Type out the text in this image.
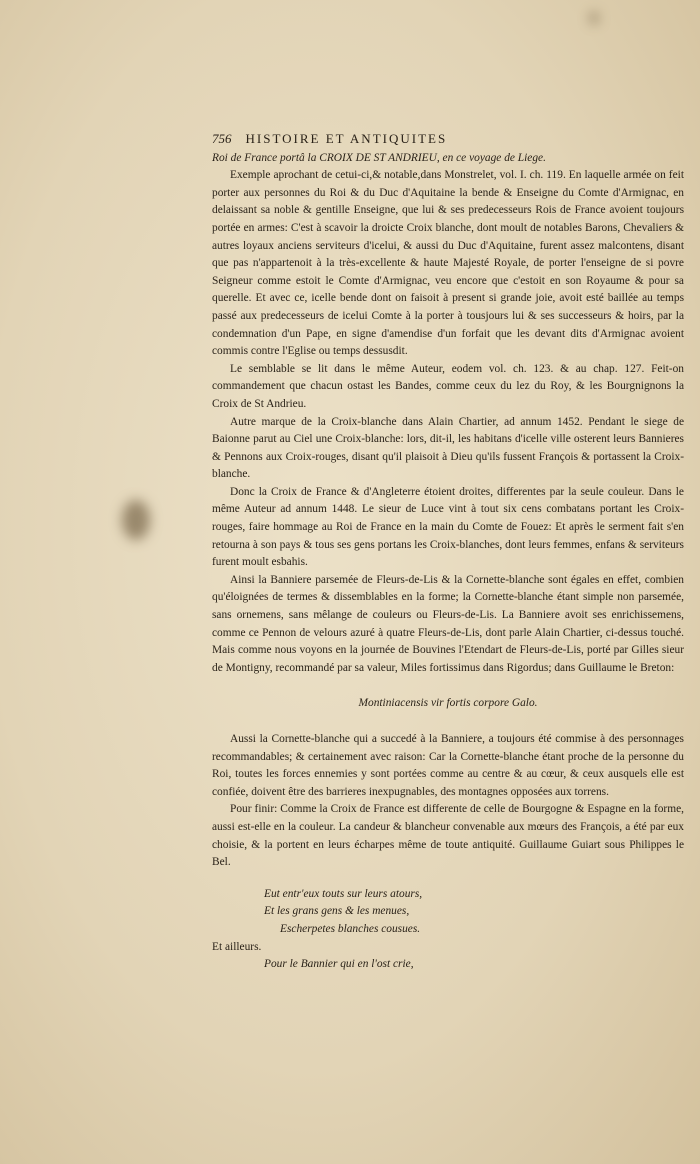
756 HISTOIRE ET ANTIQUITES
Roi de France portâ la CROIX DE ST ANDRIEU, en ce voyage de Liege.

Exemple aprochant de cetui-ci,& notable,dans Monstrelet, vol. I. ch. 119. En laquelle armée on feit porter aux personnes du Roi & du Duc d'Aquitaine la bende & Enseigne du Comte d'Armignac, en delaissant sa noble & gentille Enseigne, que lui & ses predecesseurs Rois de France avoient toujours portée en armes: C'est à scavoir la droicte Croix blanche, dont moult de notables Barons, Chevaliers & autres loyaux anciens serviteurs d'icelui, & aussi du Duc d'Aquitaine, furent assez malcontens, disant que pas n'appartenoit à la très-excellente & haute Majesté Royale, de porter l'enseigne de si povre Seigneur comme estoit le Comte d'Armignac, veu encore que c'estoit en son Royaume & pour sa querelle. Et avec ce, icelle bende dont on faisoit à present si grande joie, avoit esté baillée au temps passé aux predecesseurs de icelui Comte à la porter à tousjours lui & ses successeurs & hoirs, par la condemnation d'un Pape, en signe d'amendise d'un forfait que les devant dits d'Armignac avoient commis contre l'Eglise ou temps dessusdit.

Le semblable se lit dans le même Auteur, eodem vol. ch. 123. & au chap. 127. Feit-on commandement que chacun ostast les Bandes, comme ceux du lez du Roy, & les Bourgnignons la Croix de St Andrieu.

Autre marque de la Croix-blanche dans Alain Chartier, ad annum 1452. Pendant le siege de Baionne parut au Ciel une Croix-blanche: lors, dit-il, les habitans d'icelle ville osterent leurs Bannieres & Pennons aux Croix-rouges, disant qu'il plaisoit à Dieu qu'ils fussent François & portassent la Croix-blanche.

Donc la Croix de France & d'Angleterre étoient droites, differentes par la seule couleur. Dans le même Auteur ad annum 1448. Le sieur de Luce vint à tout six cens combatans portant les Croix-rouges, faire hommage au Roi de France en la main du Comte de Fouez: Et après le serment fait s'en retourna à son pays & tous ses gens portans les Croix-blanches, dont leurs femmes, enfans & serviteurs furent moult esbahis.

Ainsi la Banniere parsemée de Fleurs-de-Lis & la Cornette-blanche sont égales en effet, combien qu'éloignées de termes & dissemblables en la forme; la Cornette-blanche étant simple non parsemée, sans ornemens, sans mêlange de couleurs ou Fleurs-de-Lis. La Banniere avoit ses enrichissemens, comme ce Pennon de velours azuré à quatre Fleurs-de-Lis, dont parle Alain Chartier, ci-dessus touché. Mais comme nous voyons en la journée de Bouvines l'Etendart de Fleurs-de-Lis, porté par Gilles sieur de Montigny, recommandé par sa valeur, Miles fortissimus dans Rigordus; dans Guillaume le Breton:

Montiniacensis vir fortis corpore Galo.

Aussi la Cornette-blanche qui a succedé à la Banniere, a toujours été commise à des personnages recommandables; & certainement avec raison: Car la Cornette-blanche étant proche de la personne du Roi, toutes les forces ennemies y sont portées comme au centre & au cœur, & ceux ausquels elle est confiée, doivent être des barrieres inexpugnables, des montagnes opposées aux torrens.

Pour finir: Comme la Croix de France est differente de celle de Bourgogne & Espagne en la forme, aussi est-elle en la couleur. La candeur & blancheur convenable aux mœurs des François, a été par eux choisie, & la portent en leurs écharpes même de toute antiquité. Guillaume Guiart sous Philippes le Bel.

Eut entr'eux touts sur leurs atours,
Et les grans gens & les menues,
Escherpetes blanches cousues.
Et ailleurs.
Pour le Bannier qui en l'ost crie,
